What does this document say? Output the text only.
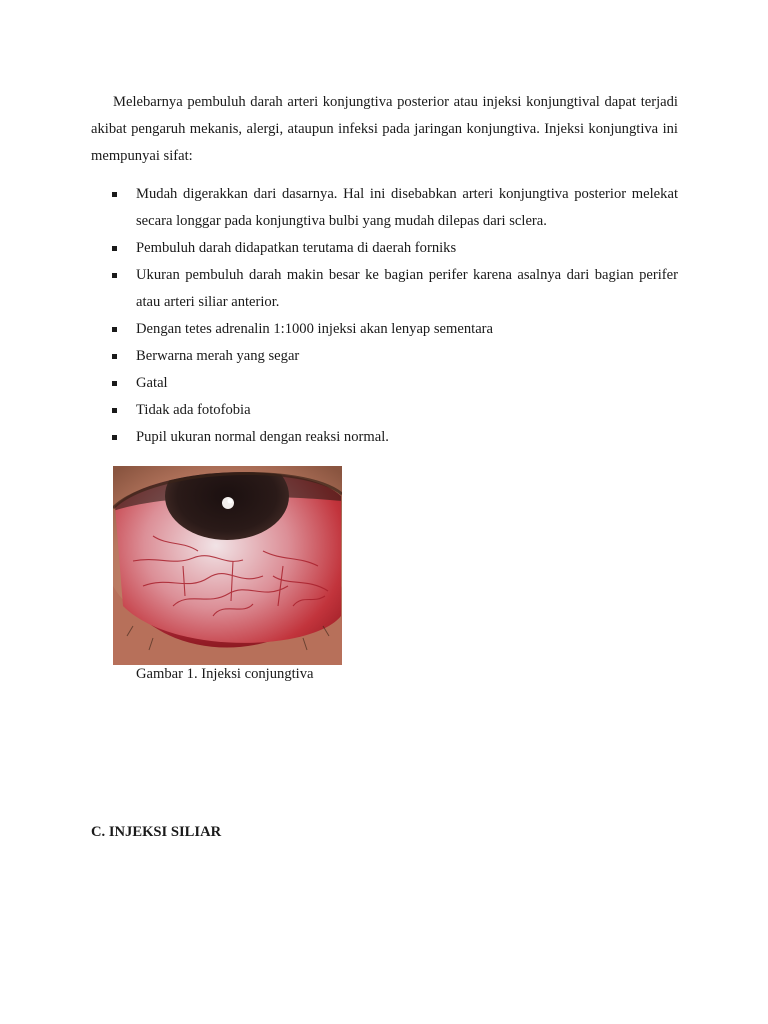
Melebarnya pembuluh darah arteri konjungtiva posterior atau injeksi konjungtival dapat terjadi akibat pengaruh mekanis, alergi, ataupun infeksi pada jaringan konjungtiva. Injeksi konjungtiva ini mempunyai sifat:

Mudah digerakkan dari dasarnya. Hal ini disebabkan arteri konjungtiva posterior melekat secara longgar pada konjungtiva bulbi yang mudah dilepas dari sclera.
Pembuluh darah didapatkan terutama di daerah forniks
Ukuran pembuluh darah makin besar ke bagian perifer karena asalnya dari bagian perifer atau arteri siliar anterior.
Dengan tetes adrenalin 1:1000 injeksi akan lenyap sementara
Berwarna merah yang segar
Gatal
Tidak ada fotofobia
Pupil ukuran normal dengan reaksi normal.

Gambar 1. Injeksi conjungtiva

C. INJEKSI SILIAR
